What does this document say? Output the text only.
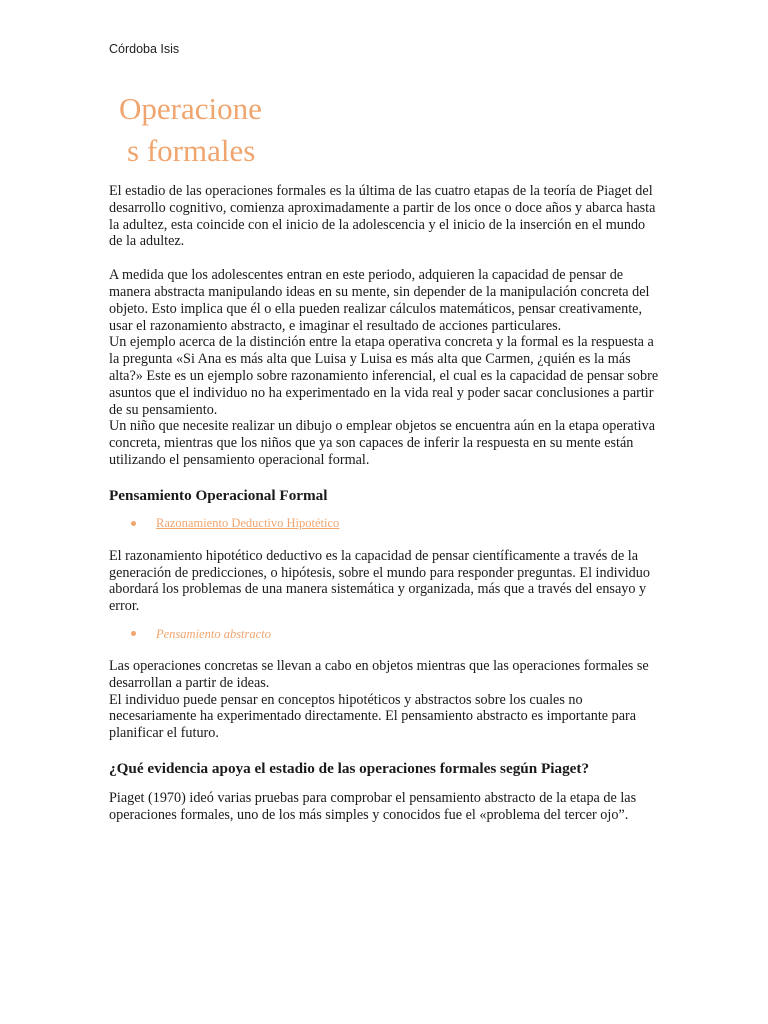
Córdoba Isis
Operacione
s formales

El estadio de las operaciones formales es la última de las cuatro etapas de la teoría de Piaget del desarrollo cognitivo, comienza aproximadamente a partir de los once o doce años y abarca hasta la adultez, esta coincide con el inicio de la adolescencia y el inicio de la inserción en el mundo de la adultez.

A medida que los adolescentes entran en este periodo, adquieren la capacidad de pensar de manera abstracta manipulando ideas en su mente, sin depender de la manipulación concreta del objeto. Esto implica que él o ella pueden realizar cálculos matemáticos, pensar creativamente, usar el razonamiento abstracto, e imaginar el resultado de acciones particulares.

Un ejemplo acerca de la distinción entre la etapa operativa concreta y la formal es la respuesta a la pregunta «Si Ana es más alta que Luisa y Luisa es más alta que Carmen, ¿quién es la más alta?» Este es un ejemplo sobre razonamiento inferencial, el cual es la capacidad de pensar sobre asuntos que el individuo no ha experimentado en la vida real y poder sacar conclusiones a partir de su pensamiento.

Un niño que necesite realizar un dibujo o emplear objetos se encuentra aún en la etapa operativa concreta, mientras que los niños que ya son capaces de inferir la respuesta en su mente están utilizando el pensamiento operacional formal.

Pensamiento Operacional Formal

Razonamiento Deductivo Hipotético

El razonamiento hipotético deductivo es la capacidad de pensar científicamente a través de la generación de predicciones, o hipótesis, sobre el mundo para responder preguntas. El individuo abordará los problemas de una manera sistemática y organizada, más que a través del ensayo y error.

Pensamiento abstracto

Las operaciones concretas se llevan a cabo en objetos mientras que las operaciones formales se desarrollan a partir de ideas.

El individuo puede pensar en conceptos hipotéticos y abstractos sobre los cuales no necesariamente ha experimentado directamente. El pensamiento abstracto es importante para planificar el futuro.

¿Qué evidencia apoya el estadio de las operaciones formales según Piaget?

Piaget (1970) ideó varias pruebas para comprobar el pensamiento abstracto de la etapa de las operaciones formales, uno de los más simples y conocidos fue el «problema del tercer ojo”.
